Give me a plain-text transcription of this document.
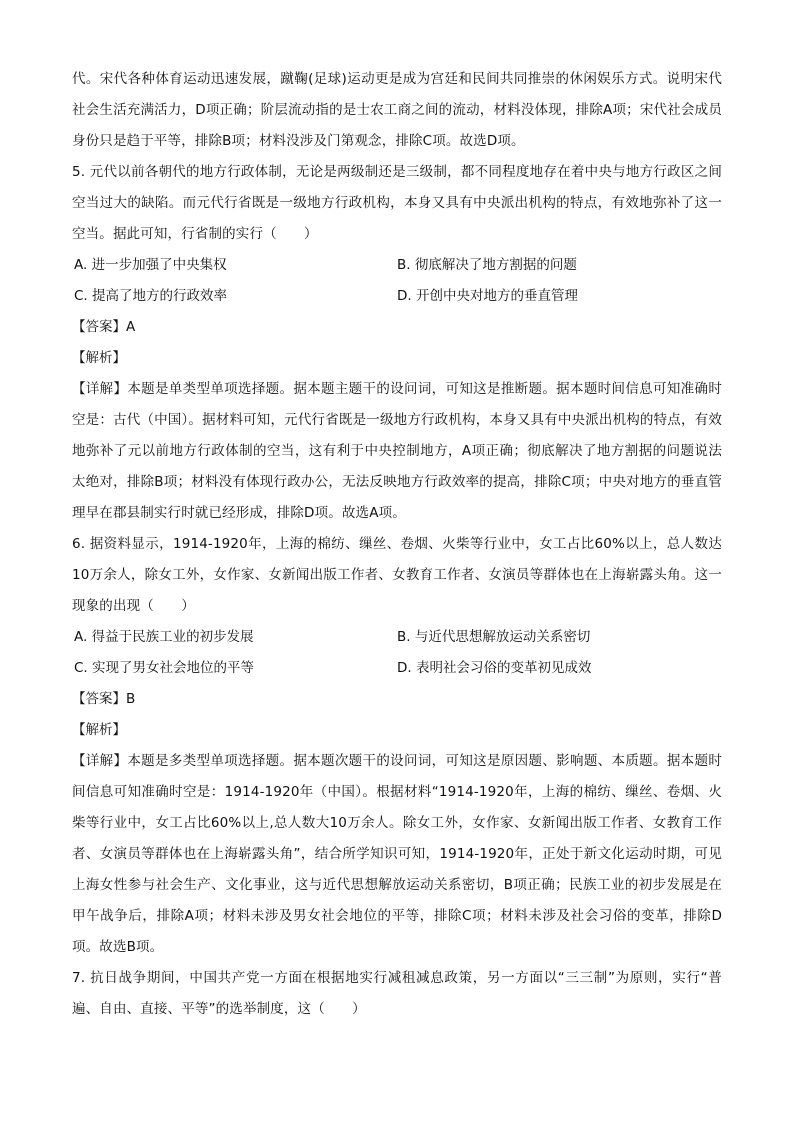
代。宋代各种体育运动迅速发展，蹴鞠(足球)运动更是成为宫廷和民间共同推崇的休闲娱乐方式。说明宋代社会生活充满活力，D项正确；阶层流动指的是士农工商之间的流动，材料没体现，排除A项；宋代社会成员身份只是趋于平等，排除B项；材料没涉及门第观念，排除C项。故选D项。

5. 元代以前各朝代的地方行政体制，无论是两级制还是三级制，都不同程度地存在着中央与地方行政区之间空当过大的缺陷。而元代行省既是一级地方行政机构，本身又具有中央派出机构的特点，有效地弥补了这一空当。据此可知，行省制的实行（　　）

A. 进一步加强了中央集权	B. 彻底解决了地方割据的问题
C. 提高了地方的行政效率	D. 开创中央对地方的垂直管理
【答案】A
【解析】

【详解】本题是单类型单项选择题。据本题主题干的设问词，可知这是推断题。据本题时间信息可知准确时空是：古代（中国）。据材料可知，元代行省既是一级地方行政机构，本身又具有中央派出机构的特点，有效地弥补了元以前地方行政体制的空当，这有利于中央控制地方，A项正确；彻底解决了地方割据的问题说法太绝对，排除B项；材料没有体现行政办公，无法反映地方行政效率的提高，排除C项；中央对地方的垂直管理早在郡县制实行时就已经形成，排除D项。故选A项。

6. 据资料显示，1914-1920年，上海的棉纺、缫丝、卷烟、火柴等行业中，女工占比60%以上，总人数达10万余人，除女工外，女作家、女新闻出版工作者、女教育工作者、女演员等群体也在上海崭露头角。这一现象的出现（　　）

A. 得益于民族工业的初步发展	B. 与近代思想解放运动关系密切
C. 实现了男女社会地位的平等	D. 表明社会习俗的变革初见成效
【答案】B
【解析】

【详解】本题是多类型单项选择题。据本题次题干的设问词，可知这是原因题、影响题、本质题。据本题时间信息可知准确时空是：1914-1920年（中国）。根据材料“1914-1920年，上海的棉纺、缫丝、卷烟、火柴等行业中，女工占比60%以上,总人数大10万余人。除女工外，女作家、女新闻出版工作者、女教育工作者、女演员等群体也在上海崭露头角”，结合所学知识可知，1914-1920年，正处于新文化运动时期，可见上海女性参与社会生产、文化事业，这与近代思想解放运动关系密切，B项正确；民族工业的初步发展是在甲午战争后，排除A项；材料未涉及男女社会地位的平等，排除C项；材料未涉及社会习俗的变革，排除D项。故选B项。

7. 抗日战争期间，中国共产党一方面在根据地实行减租减息政策，另一方面以“三三制”为原则，实行“普遍、自由、直接、平等”的选举制度，这（　　）
